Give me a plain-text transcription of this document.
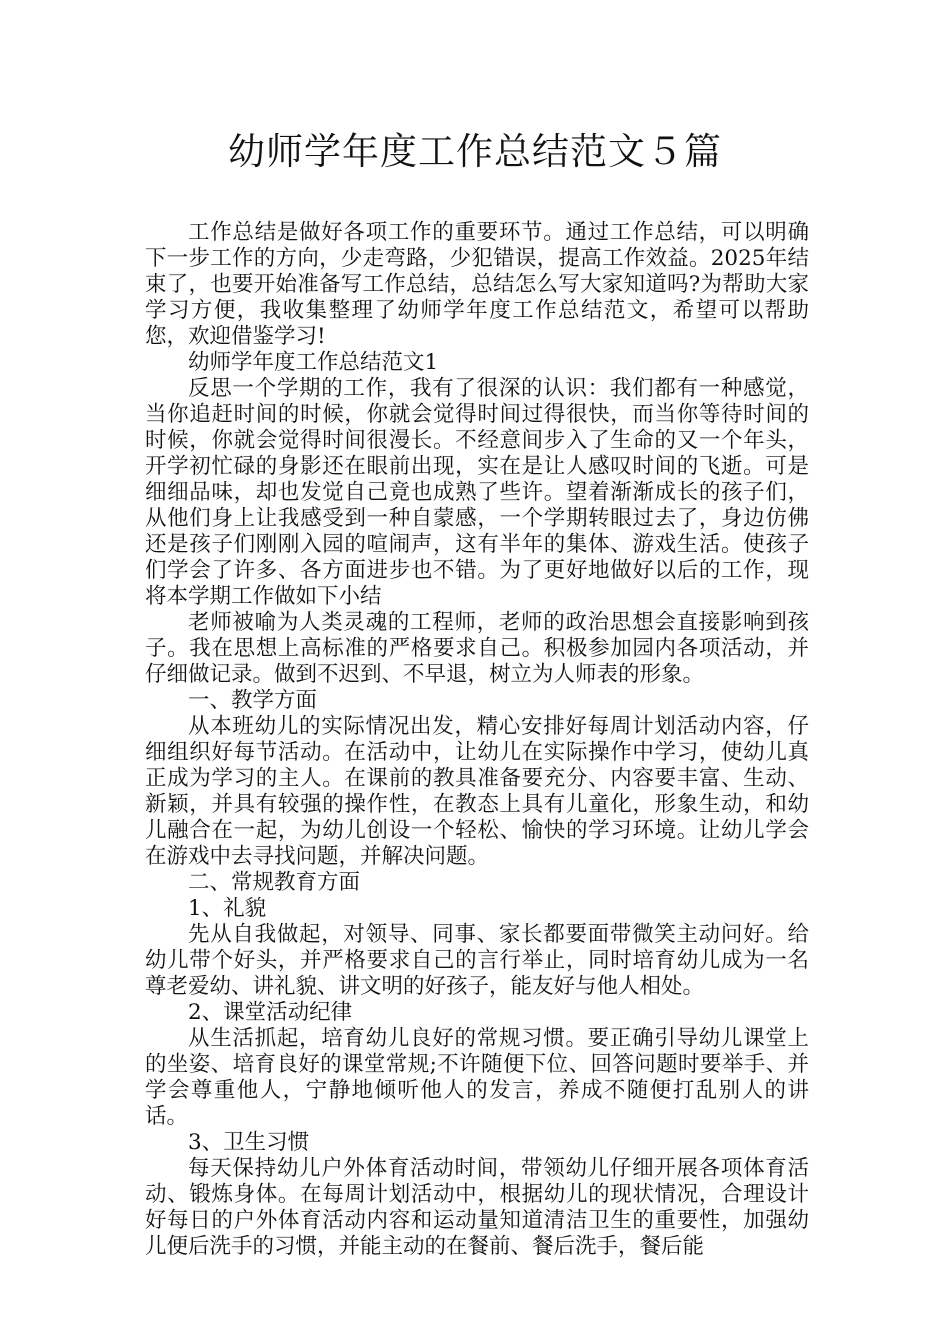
幼师学年度工作总结范文５篇

工作总结是做好各项工作的重要环节。通过工作总结，可以明确下一步工作的方向，少走弯路，少犯错误，提高工作效益。2025年结束了，也要开始准备写工作总结，总结怎么写大家知道吗?为帮助大家学习方便，我收集整理了幼师学年度工作总结范文，希望可以帮助您，欢迎借鉴学习!

幼师学年度工作总结范文1

反思一个学期的工作，我有了很深的认识：我们都有一种感觉，当你追赶时间的时候，你就会觉得时间过得很快，而当你等待时间的时候，你就会觉得时间很漫长。不经意间步入了生命的又一个年头，开学初忙碌的身影还在眼前出现，实在是让人感叹时间的飞逝。可是细细品味，却也发觉自己竟也成熟了些许。望着渐渐成长的孩子们，从他们身上让我感受到一种自蒙感，一个学期转眼过去了，身边仿佛还是孩子们刚刚入园的喧闹声，这有半年的集体、游戏生活。使孩子们学会了许多、各方面进步也不错。为了更好地做好以后的工作，现将本学期工作做如下小结

老师被喻为人类灵魂的工程师，老师的政治思想会直接影响到孩子。我在思想上高标准的严格要求自己。积极参加园内各项活动，并仔细做记录。做到不迟到、不早退，树立为人师表的形象。

一、教学方面

从本班幼儿的实际情况出发，精心安排好每周计划活动内容，仔细组织好每节活动。在活动中，让幼儿在实际操作中学习，使幼儿真正成为学习的主人。在课前的教具准备要充分、内容要丰富、生动、新颖，并具有较强的操作性，在教态上具有儿童化，形象生动，和幼儿融合在一起，为幼儿创设一个轻松、愉快的学习环境。让幼儿学会在游戏中去寻找问题，并解决问题。

二、常规教育方面

1、礼貌

先从自我做起，对领导、同事、家长都要面带微笑主动问好。给幼儿带个好头，并严格要求自己的言行举止，同时培育幼儿成为一名尊老爱幼、讲礼貌、讲文明的好孩子，能友好与他人相处。

2、课堂活动纪律

从生活抓起，培育幼儿良好的常规习惯。要正确引导幼儿课堂上的坐姿、培育良好的课堂常规;不许随便下位、回答问题时要举手、并学会尊重他人，宁静地倾听他人的发言，养成不随便打乱别人的讲话。

3、卫生习惯

每天保持幼儿户外体育活动时间，带领幼儿仔细开展各项体育活动、锻炼身体。在每周计划活动中，根据幼儿的现状情况，合理设计好每日的户外体育活动内容和运动量知道清洁卫生的重要性，加强幼儿便后洗手的习惯，并能主动的在餐前、餐后洗手，餐后能
